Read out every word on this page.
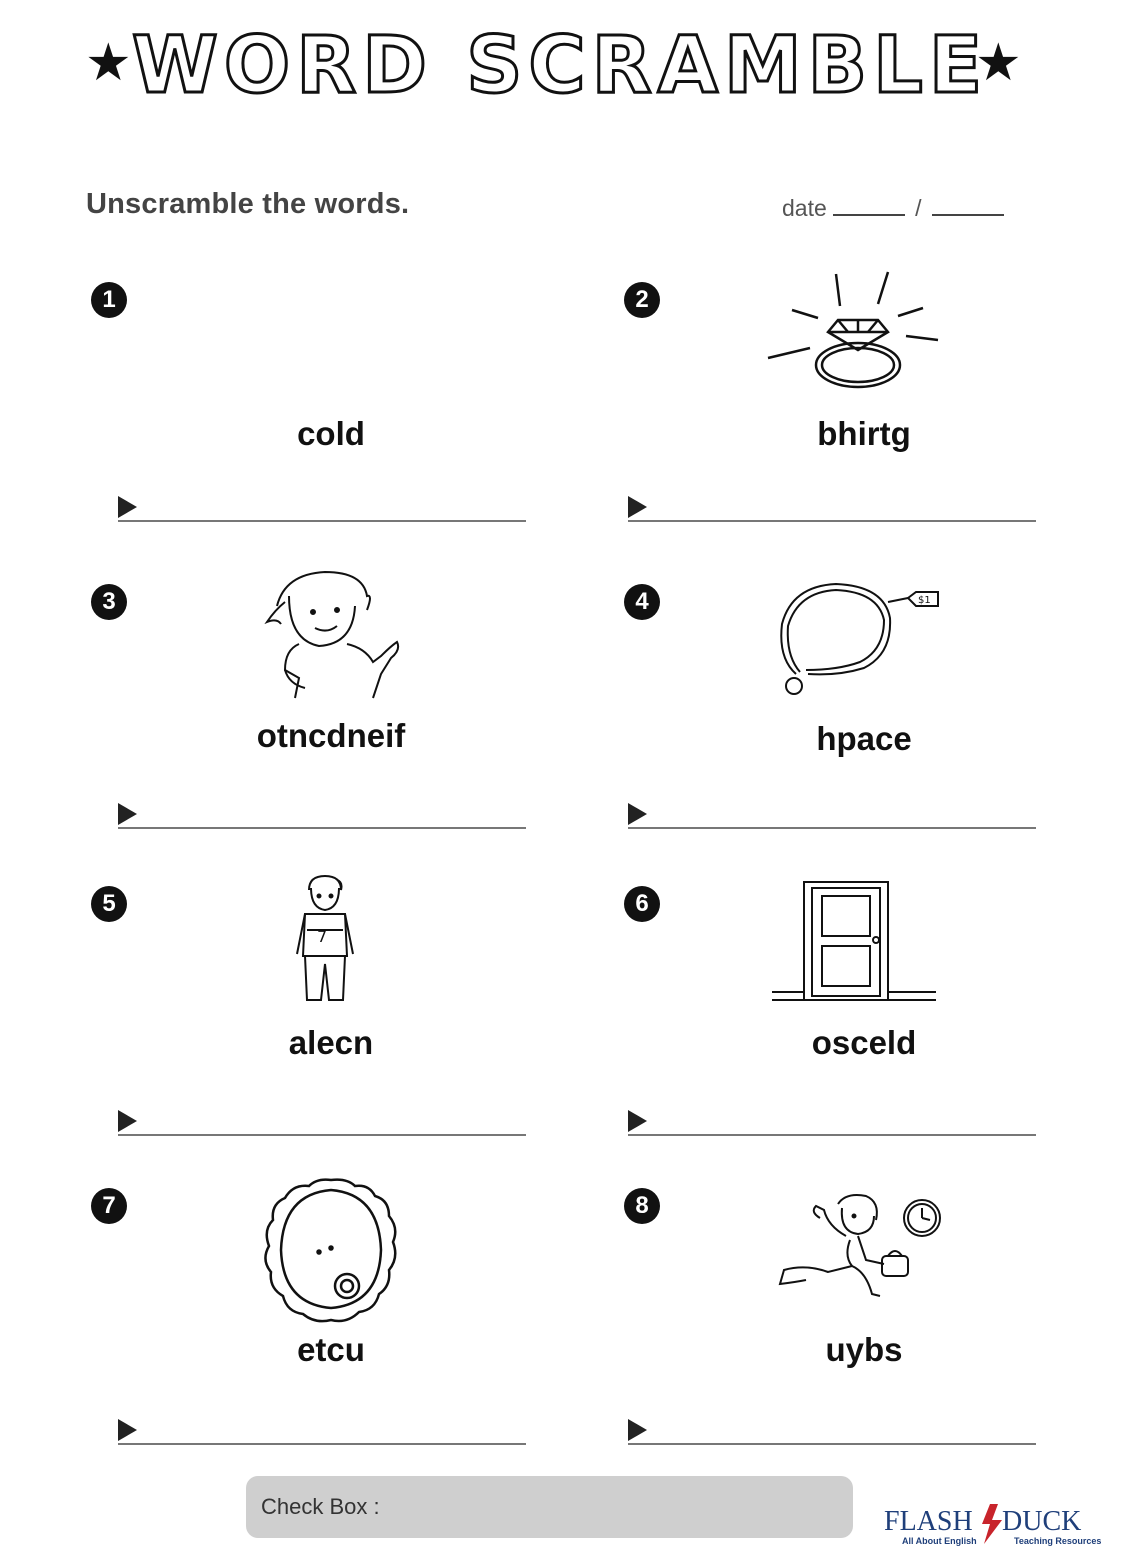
★ WORD SCRAMBLE
★
Unscramble the words.	date	/
1
cold
2
bhirtg
3
otncdneif
4	$1
hpace
5
7
alecn
6
osceld
7
etcu
8
uybs
Check Box :	FLASH DUCK
All About English	Teaching Resources
